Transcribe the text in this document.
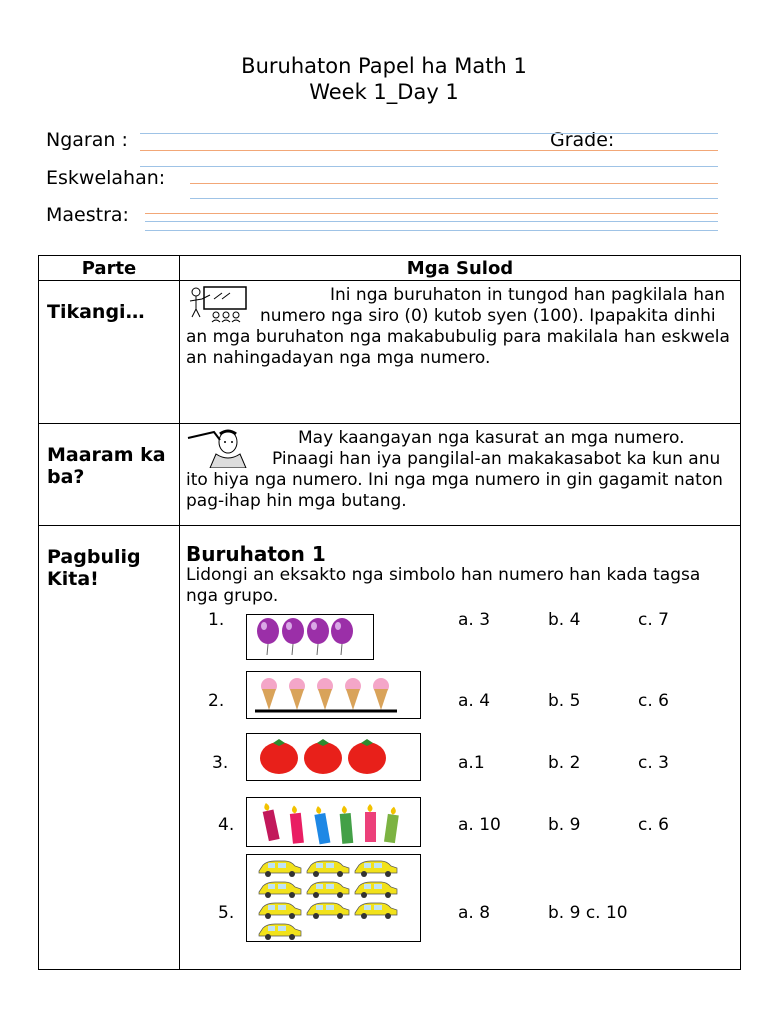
Buruhaton Papel ha Math 1
Week 1_Day 1
Ngaran :	Grade:
Eskwelahan:
Maestra:
Parte	Mga Sulod
Tikangi…	Ini nga buruhaton in tungod han pagkilala han numero nga siro (0) kutob syen (100). Ipapakita dinhi an mga buruhaton nga makabubulig para makilala han eskwela an nahingadayan nga mga numero.
Maaram ka ba?	May kaangayan nga kasurat an mga numero. Pinaagi han iya pangilal-an makakasabot ka kun anu ito hiya nga numero. Ini nga mga numero in gin gagamit naton pag-ihap hin mga butang.
Pagbulig Kita!	Buruhaton 1
Lidongi an eksakto nga simbolo han numero han kada tagsa nga grupo.
1.	a. 3	b. 4	c. 7
2.	a. 4	b. 5	c. 6
3.	a.1	b. 2	c. 3
4.	a. 10	b. 9	c. 6
5.	a. 8	b. 9 c. 10
